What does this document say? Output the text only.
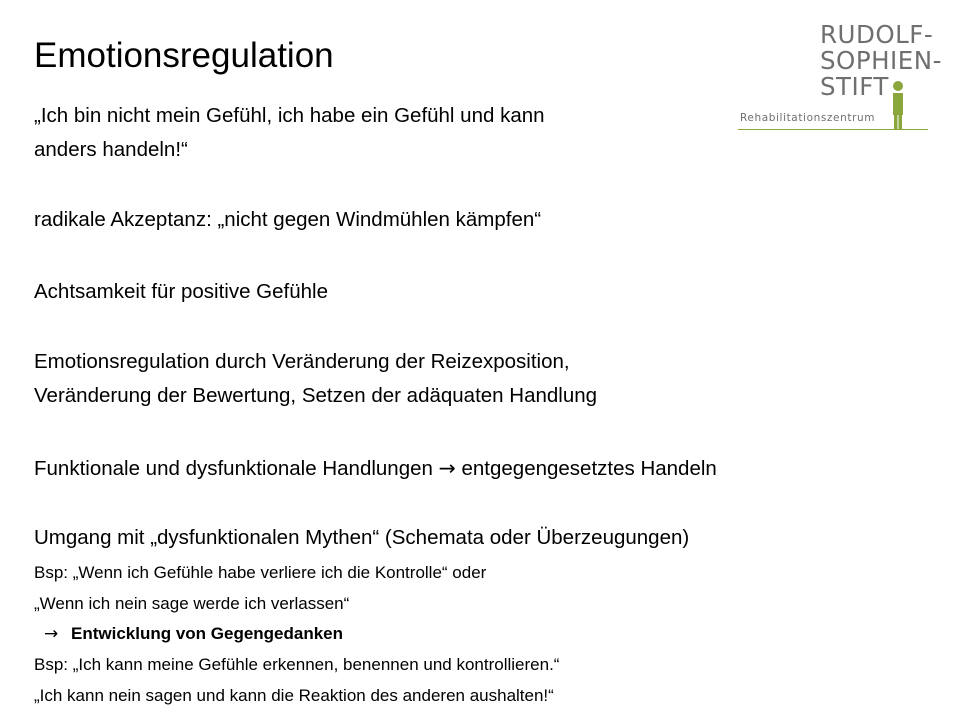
Emotionsregulation
RUDOLF-
SOPHIEN-
STIFT
Rehabilitationszentrum
„Ich bin nicht mein Gefühl, ich habe ein Gefühl und kann
anders handeln!“
radikale Akzeptanz: „nicht gegen Windmühlen kämpfen“
Achtsamkeit für positive Gefühle
Emotionsregulation durch Veränderung der Reizexposition,
Veränderung der Bewertung, Setzen der adäquaten Handlung
Funktionale und dysfunktionale Handlungen → entgegengesetztes Handeln
Umgang mit „dysfunktionalen Mythen“ (Schemata oder Überzeugungen)
Bsp: „Wenn ich Gefühle habe verliere ich die Kontrolle“ oder
„Wenn ich nein sage werde ich verlassen“
→ Entwicklung von Gegengedanken
Bsp: „Ich kann meine Gefühle erkennen, benennen und kontrollieren.“
„Ich kann nein sagen und kann die Reaktion des anderen aushalten!“
